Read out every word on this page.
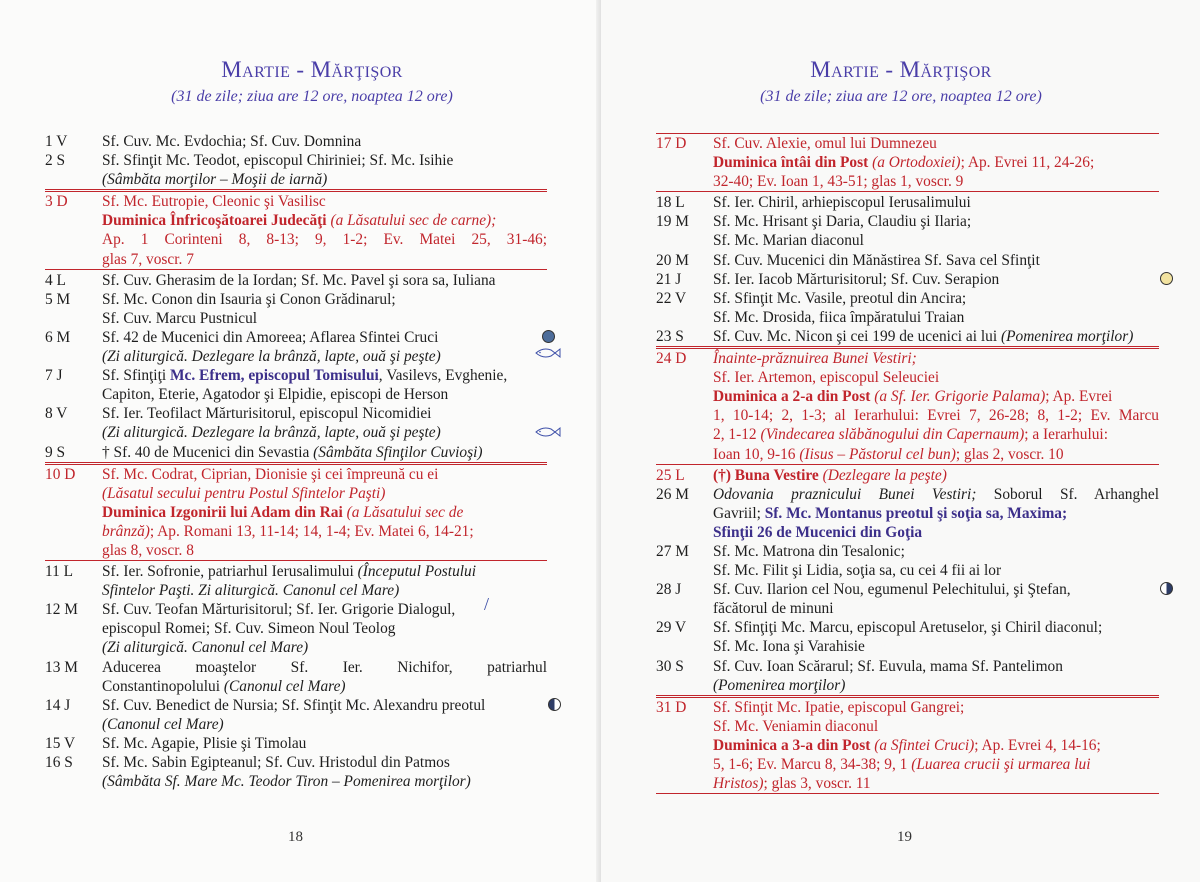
Martie - Mărţişor
(31 de zile; ziua are 12 ore, noaptea 12 ore)
1 V	Sf. Cuv. Mc. Evdochia; Sf. Cuv. Domnina
2 S	Sf. Sfinţit Mc. Teodot, episcopul Chiriniei; Sf. Mc. Isihie
(Sâmbăta morţilor – Moşii de iarnă)
3 D	Sf. Mc. Eutropie, Cleonic şi Vasilisc
Duminica Înfricoşătoarei Judecăţi (a Lăsatului sec de carne);
Ap. 1 Corinteni 8, 8-13; 9, 1-2; Ev. Matei 25, 31-46;
glas 7, voscr. 7
4 L	Sf. Cuv. Gherasim de la Iordan; Sf. Mc. Pavel şi sora sa, Iuliana
5 M	Sf. Mc. Conon din Isauria şi Conon Grădinarul;
Sf. Cuv. Marcu Pustnicul
6 M	Sf. 42 de Mucenici din Amoreea; Aflarea Sfintei Cruci
(Zi aliturgică. Dezlegare la brânză, lapte, ouă şi peşte)
7 J	Sf. Sfinţiţi Mc. Efrem, episcopul Tomisului, Vasilevs, Evghenie,
Capiton, Eterie, Agatodor şi Elpidie, episcopi de Herson
8 V	Sf. Ier. Teofilact Mărturisitorul, episcopul Nicomidiei
(Zi aliturgică. Dezlegare la brânză, lapte, ouă şi peşte)
9 S	† Sf. 40 de Mucenici din Sevastia (Sâmbăta Sfinţilor Cuvioşi)
10 D	Sf. Mc. Codrat, Ciprian, Dionisie şi cei împreună cu ei
(Lăsatul secului pentru Postul Sfintelor Paşti)
Duminica Izgonirii lui Adam din Rai (a Lăsatului sec de
brânză); Ap. Romani 13, 11-14; 14, 1-4; Ev. Matei 6, 14-21;
glas 8, voscr. 8
11 L	Sf. Ier. Sofronie, patriarhul Ierusalimului (Începutul Postului
Sfintelor Paşti. Zi aliturgică. Canonul cel Mare)
12 M	Sf. Cuv. Teofan Mărturisitorul; Sf. Ier. Grigorie Dialogul,
episcopul Romei; Sf. Cuv. Simeon Noul Teolog
(Zi aliturgică. Canonul cel Mare)
13 M	Aducerea moaştelor Sf. Ier. Nichifor, patriarhul
Constantinopolului (Canonul cel Mare)
14 J	Sf. Cuv. Benedict de Nursia; Sf. Sfinţit Mc. Alexandru preotul
(Canonul cel Mare)
15 V	Sf. Mc. Agapie, Plisie şi Timolau
16 S	Sf. Mc. Sabin Egipteanul; Sf. Cuv. Hristodul din Patmos
(Sâmbăta Sf. Mare Mc. Teodor Tiron – Pomenirea morţilor)
/
18
Martie - Mărţişor
(31 de zile; ziua are 12 ore, noaptea 12 ore)
17 D	Sf. Cuv. Alexie, omul lui Dumnezeu
Duminica întâi din Post (a Ortodoxiei); Ap. Evrei 11, 24-26;
32-40; Ev. Ioan 1, 43-51; glas 1, voscr. 9
18 L	Sf. Ier. Chiril, arhiepiscopul Ierusalimului
19 M	Sf. Mc. Hrisant şi Daria, Claudiu şi Ilaria;
Sf. Mc. Marian diaconul
20 M	Sf. Cuv. Mucenici din Mănăstirea Sf. Sava cel Sfinţit
21 J	Sf. Ier. Iacob Mărturisitorul; Sf. Cuv. Serapion
22 V	Sf. Sfinţit Mc. Vasile, preotul din Ancira;
Sf. Mc. Drosida, fiica împăratului Traian
23 S	Sf. Cuv. Mc. Nicon şi cei 199 de ucenici ai lui (Pomenirea morţilor)
24 D	Înainte-prăznuirea Bunei Vestiri;
Sf. Ier. Artemon, episcopul Seleuciei
Duminica a 2-a din Post (a Sf. Ier. Grigorie Palama); Ap. Evrei
1, 10-14; 2, 1-3; al Ierarhului: Evrei 7, 26-28; 8, 1-2; Ev. Marcu
2, 1-12 (Vindecarea slăbănogului din Capernaum); a Ierarhului:
Ioan 10, 9-16 (Iisus – Păstorul cel bun); glas 2, voscr. 10
25 L	(†) Buna Vestire (Dezlegare la peşte)
26 M	Odovania praznicului Bunei Vestiri; Soborul Sf. Arhanghel
Gavriil; Sf. Mc. Montanus preotul şi soţia sa, Maxima;
Sfinţii 26 de Mucenici din Goţia
27 M	Sf. Mc. Matrona din Tesalonic;
Sf. Mc. Filit şi Lidia, soţia sa, cu cei 4 fii ai lor
28 J	Sf. Cuv. Ilarion cel Nou, egumenul Pelechitului, şi Ştefan,
făcătorul de minuni
29 V	Sf. Sfinţiţi Mc. Marcu, episcopul Aretuselor, şi Chiril diaconul;
Sf. Mc. Iona şi Varahisie
30 S	Sf. Cuv. Ioan Scărarul; Sf. Euvula, mama Sf. Pantelimon
(Pomenirea morţilor)
31 D	Sf. Sfinţit Mc. Ipatie, episcopul Gangrei;
Sf. Mc. Veniamin diaconul
Duminica a 3-a din Post (a Sfintei Cruci); Ap. Evrei 4, 14-16;
5, 1-6; Ev. Marcu 8, 34-38; 9, 1 (Luarea crucii şi urmarea lui
Hristos); glas 3, voscr. 11
19
